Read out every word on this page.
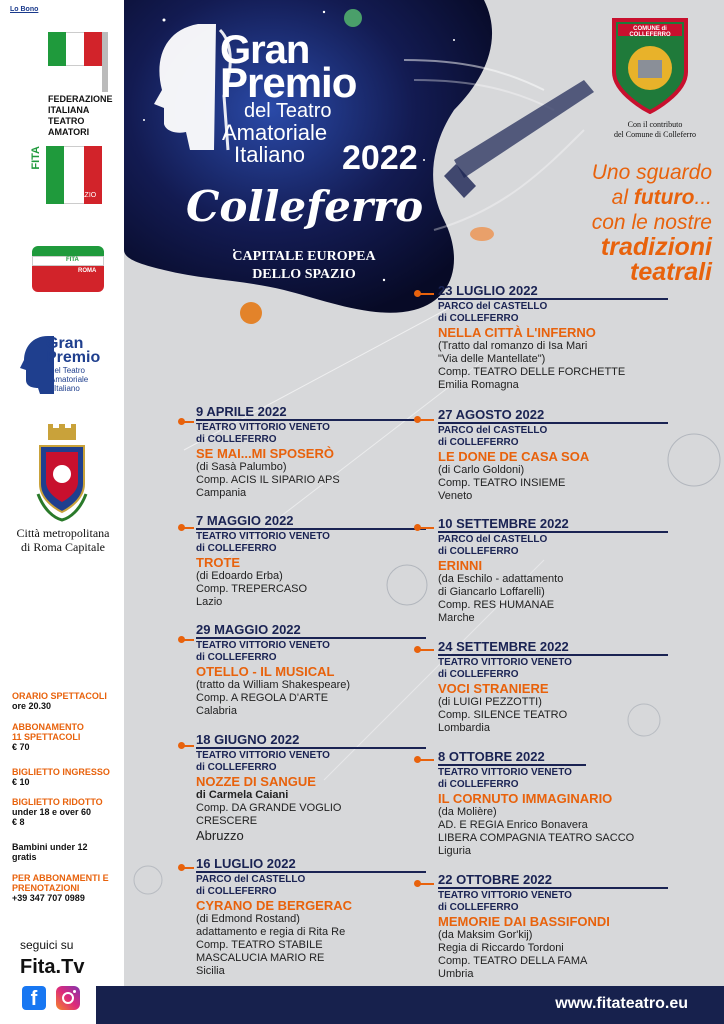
Lo Bono
FEDERAZIONE
ITALIANA
TEATRO
AMATORI
FITA
LAZIO
FITA
ROMA
Gran
Premio
del Teatro
Amatoriale
Italiano
Città metropolitana
di Roma Capitale
ORARIO SPETTACOLI
ore 20.30
ABBONAMENTO 11 SPETTACOLI
€ 70
BIGLIETTO INGRESSO
€ 10
BIGLIETTO RIDOTTO
under 18 e over 60
€ 8
Bambini under 12
gratis
PER ABBONAMENTI E PRENOTAZIONI
+39 347 707 0989
seguici su
Fita.Tv
f
Gran
Premio
del Teatro
Amatoriale
Italiano 2022
Colleferro
CAPITALE EUROPEA
DELLO SPAZIO
COMUNE di COLLEFERRO
Con il contributo
del Comune di Colleferro
Uno sguardo
al futuro...
con le nostre
tradizioni
teatrali
9 APRILE 2022
TEATRO VITTORIO VENETO
di COLLEFERRO
SE MAI...MI SPOSERÒ
(di Sasà Palumbo)
Comp. ACIS IL SIPARIO APS
Campania
7 MAGGIO 2022
TEATRO VITTORIO VENETO
di COLLEFERRO
TROTE
(di Edoardo Erba)
Comp. TREPERCASO
Lazio
29 MAGGIO 2022
TEATRO VITTORIO VENETO
di COLLEFERRO
OTELLO - IL MUSICAL
(tratto da William Shakespeare)
Comp. A REGOLA D'ARTE
Calabria
18 GIUGNO 2022
TEATRO VITTORIO VENETO
di COLLEFERRO
NOZZE DI SANGUE
di Carmela Caiani
Comp. DA GRANDE VOGLIO
CRESCERE
Abruzzo
16 LUGLIO 2022
PARCO del CASTELLO
di COLLEFERRO
CYRANO DE BERGERAC
(di Edmond Rostand)
adattamento e regia di Rita Re
Comp. TEATRO STABILE
MASCALUCIA MARIO RE
Sicilia
23 LUGLIO 2022
PARCO del CASTELLO
di COLLEFERRO
NELLA CITTÀ L'INFERNO
(Tratto dal romanzo di Isa Mari
"Via delle Mantellate")
Comp. TEATRO DELLE FORCHETTE
Emilia Romagna
27 AGOSTO 2022
PARCO del CASTELLO
di COLLEFERRO
LE DONE DE CASA SOA
(di Carlo Goldoni)
Comp. TEATRO INSIEME
Veneto
10 SETTEMBRE 2022
PARCO del CASTELLO
di COLLEFERRO
ERINNI
(da Eschilo - adattamento
di Giancarlo Loffarelli)
Comp. RES HUMANAE
Marche
24 SETTEMBRE 2022
TEATRO VITTORIO VENETO
di COLLEFERRO
VOCI STRANIERE
(di LUIGI PEZZOTTI)
Comp. SILENCE TEATRO
Lombardia
8 OTTOBRE 2022
TEATRO VITTORIO VENETO
di COLLEFERRO
IL CORNUTO IMMAGINARIO
(da Molière)
AD. E REGIA Enrico Bonavera
LIBERA COMPAGNIA TEATRO SACCO
Liguria
22 OTTOBRE 2022
TEATRO VITTORIO VENETO
di COLLEFERRO
MEMORIE DAI BASSIFONDI
(da Maksim Gor'kij)
Regia di Riccardo Tordoni
Comp. TEATRO DELLA FAMA
Umbria
www.fitateatro.eu
